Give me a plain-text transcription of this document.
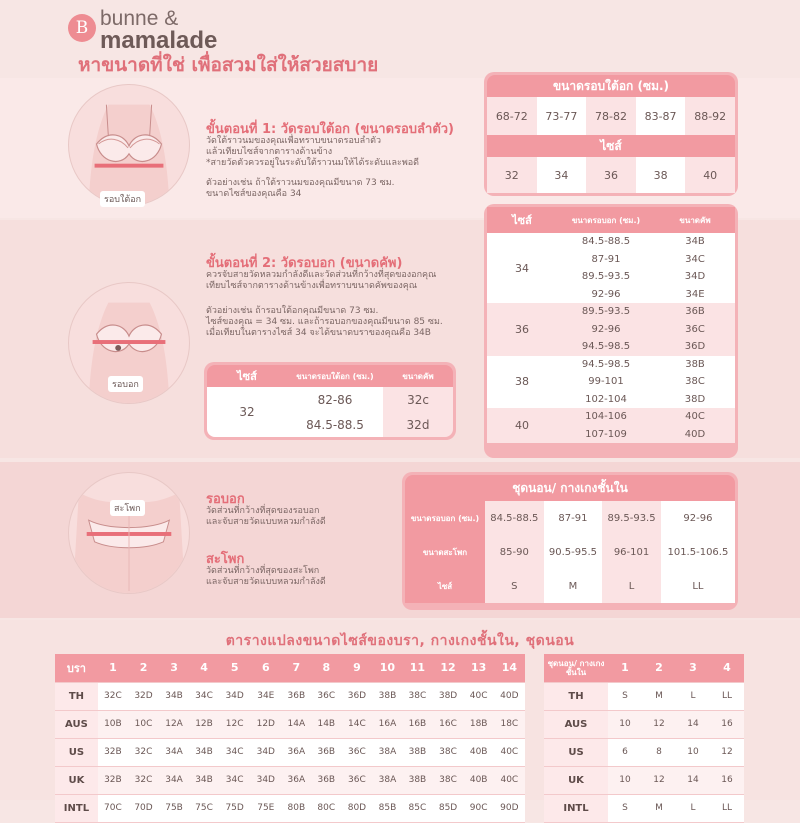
B bunne &
mamalade
หาขนาดที่ใช่ เพื่อสวมใส่ให้สวยสบาย
รอบใต้อก
ขั้นตอนที่ 1: วัดรอบใต้อก (ขนาดรอบลำตัว)
วัดใต้ราวนมของคุณเพื่อทราบขนาดรอบลำตัว
แล้วเทียบไซส์จากตารางด้านข้าง
*สายวัดตัวควรอยู่ในระดับใต้ราวนมให้ได้ระดับและพอดี
ตัวอย่างเช่น ถ้าใต้ราวนมของคุณมีขนาด 73 ซม.
ขนาดไซส์ของคุณคือ 34
ขนาดรอบใต้อก (ซม.)
68-72	73-77	78-82	83-87	88-92
ไซส์
32	34	36	38	40
รอบอก
ขั้นตอนที่ 2: วัดรอบอก (ขนาดคัพ)
ควรจับสายวัดหลวมกำลังดีและวัดส่วนที่กว้างที่สุดของอกคุณ
เทียบไซส์จากตารางด้านข้างเพื่อทราบขนาดคัพของคุณ
ตัวอย่างเช่น ถ้ารอบใต้อกคุณมีขนาด 73 ซม.
ไซส์ของคุณ = 34 ซม. และถ้ารอบอกของคุณมีขนาด 85 ซม.
เมื่อเทียบในตารางไซส์ 34 จะได้ขนาดบราของคุณคือ 34B
ไซส์	ขนาดรอบใต้อก (ซม.)	ขนาดคัพ
32	82-86	32c
	84.5-88.5	32d
ไซส์	ขนาดรอบอก (ซม.)	ขนาดคัพ
34	84.5-88.5	34B
	87-91	34C
	89.5-93.5	34D
	92-96	34E
36	89.5-93.5	36B
	92-96	36C
	94.5-98.5	36D
38	94.5-98.5	38B
	99-101	38C
	102-104	38D
40	104-106	40C
	107-109	40D
สะโพก
รอบอก
วัดส่วนที่กว้างที่สุดของรอบอก
และจับสายวัดแบบหลวมกำลังดี
สะโพก
วัดส่วนที่กว้างที่สุดของสะโพก
และจับสายวัดแบบหลวมกำลังดี
ชุดนอน/ กางเกงชั้นใน
ขนาดรอบอก (ซม.)	84.5-88.5	87-91	89.5-93.5	92-96
ขนาดสะโพก	85-90	90.5-95.5	96-101	101.5-106.5
ไซส์	S	M	L	LL
ตารางแปลงขนาดไซส์ของบรา, กางเกงชั้นใน, ชุดนอน
บรา	1	2	3	4	5	6	7	8	9	10	11	12	13	14
TH	32C	32D	34B	34C	34D	34E	36B	36C	36D	38B	38C	38D	40C	40D
AUS	10B	10C	12A	12B	12C	12D	14A	14B	14C	16A	16B	16C	18B	18C
US	32B	32C	34A	34B	34C	34D	36A	36B	36C	38A	38B	38C	40B	40C
UK	32B	32C	34A	34B	34C	34D	36A	36B	36C	38A	38B	38C	40B	40C
INTL	70C	70D	75B	75C	75D	75E	80B	80C	80D	85B	85C	85D	90C	90D
ชุดนอน/ กางเกงชั้นใน	1	2	3	4
TH	S	M	L	LL
AUS	10	12	14	16
US	6	8	10	12
UK	10	12	14	16
INTL	S	M	L	LL
